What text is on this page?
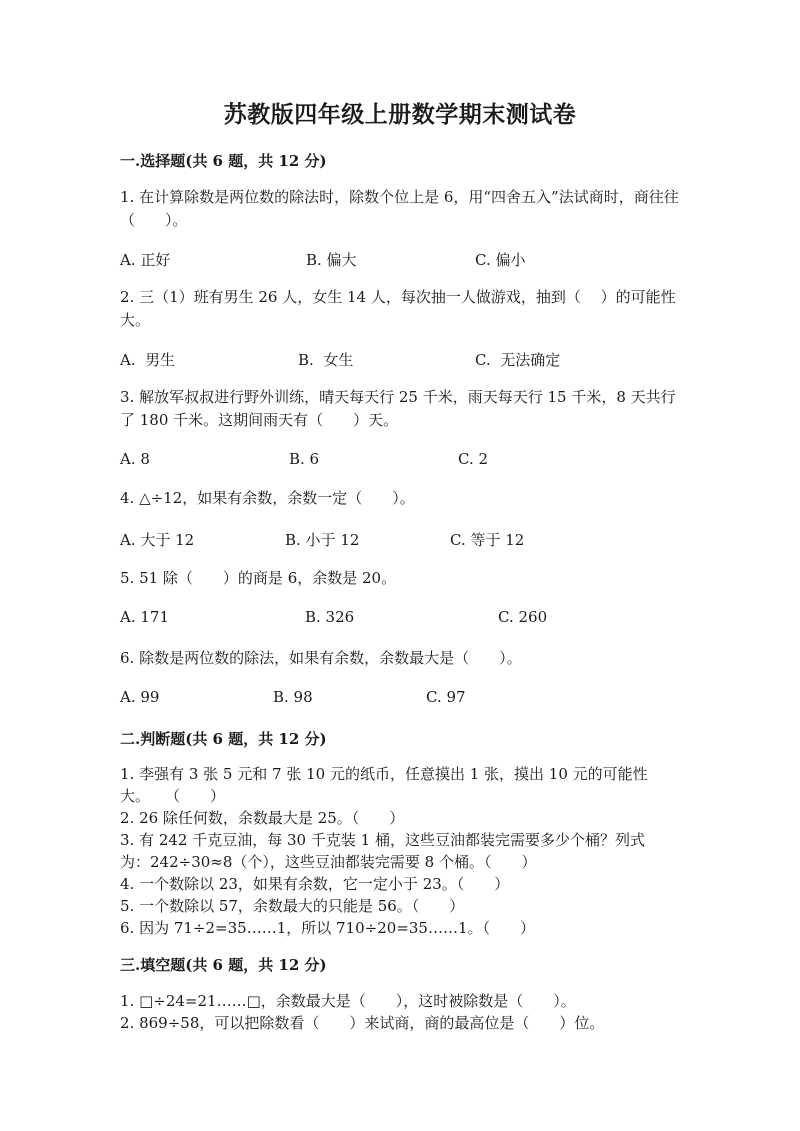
苏教版四年级上册数学期末测试卷
一.选择题(共 6 题，共 12 分)
1. 在计算除数是两位数的除法时，除数个位上是 6，用“四舍五入”法试商时，商往往（　　）。
A. 正好	B. 偏大	C. 偏小
2. 三（1）班有男生 26 人，女生 14 人，每次抽一人做游戏，抽到（　 ）的可能性大。
A.  男生	B.  女生	C.  无法确定
3. 解放军叔叔进行野外训练，晴天每天行 25 千米，雨天每天行 15 千米，8 天共行了 180 千米。这期间雨天有（　　）天。
A. 8	B. 6	C. 2
4. △÷12，如果有余数，余数一定（　　）。
A. 大于 12	B. 小于 12	C. 等于 12
5. 51 除（　　）的商是 6，余数是 20。
A. 171	B. 326	C. 260
6. 除数是两位数的除法，如果有余数，余数最大是（　　）。
A. 99	B. 98	C. 97
二.判断题(共 6 题，共 12 分)
1. 李强有 3 张 5 元和 7 张 10 元的纸币，任意摸出 1 张，摸出 10 元的可能性
大。　　（　　）
2. 26 除任何数，余数最大是 25。（　　）
3. 有 242 千克豆油，每 30 千克装 1 桶，这些豆油都装完需要多少个桶？列式
为：242÷30≈8（个），这些豆油都装完需要 8 个桶。（　　）
4. 一个数除以 23，如果有余数，它一定小于 23。（　　）
5. 一个数除以 57，余数最大的只能是 56。（　　）
6. 因为 71÷2=35……1，所以 710÷20=35……1。（　　）
三.填空题(共 6 题，共 12 分)
1. □÷24=21……□，余数最大是（　　），这时被除数是（　　）。
2. 869÷58，可以把除数看（　　）来试商，商的最高位是（　　）位。
